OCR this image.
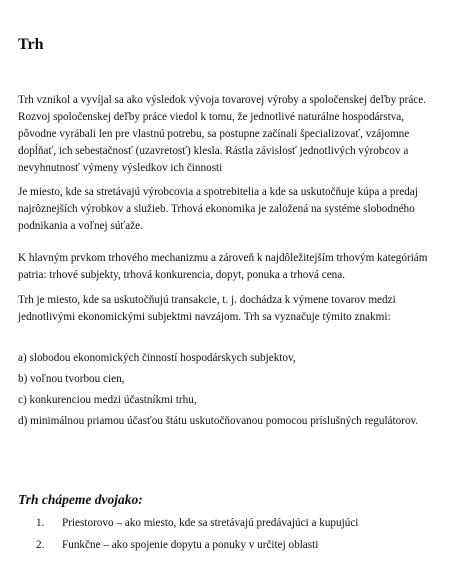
Trh

Trh vznikol a vyvíjal sa ako výsledok vývoja tovarovej výroby a spoločenskej deľby práce.
Rozvoj spoločenskej deľby práce viedol k tomu, že jednotlivé naturálne hospodárstva,
pôvodne vyrábali len pre vlastnú potrebu, sa postupne začínali špecializovať, vzájomne
dopĺňať, ich sebestačnosť (uzavretosť) klesla. Rástla závislosť jednotlivých výrobcov a
nevyhnutnosť výmeny výsledkov ich činnosti

Je miesto, kde sa stretávajú výrobcovia a spotrebitelia a kde sa uskutočňuje kúpa a predaj
najrôznejších výrobkov a služieb. Trhová ekonomika je založená na systéme slobodného
podnikania a voľnej súťaže.

K hlavným prvkom trhového mechanizmu a zároveň k najdôležitejším trhovým kategóriám
patria: trhové subjekty, trhová konkurencia, dopyt, ponuka a trhová cena.

Trh je miesto, kde sa uskutočňujú transakcie, t. j. dochádza k výmene tovarov medzi
jednotlivými ekonomickými subjektmi navzájom. Trh sa vyznačuje týmito znakmi:

a) slobodou ekonomických činností hospodárskych subjektov,

b) voľnou tvorbou cien,

c) konkurenciou medzi účastníkmi trhu,

d) minimálnou priamou účasťou štátu uskutočňovanou pomocou príslušných regulátorov.

Trh chápeme dvojako:

1. Priestorovo – ako miesto, kde sa stretávajú predávajúci a kupujúci

2. Funkčne – ako spojenie dopytu a ponuky v určitej oblasti
